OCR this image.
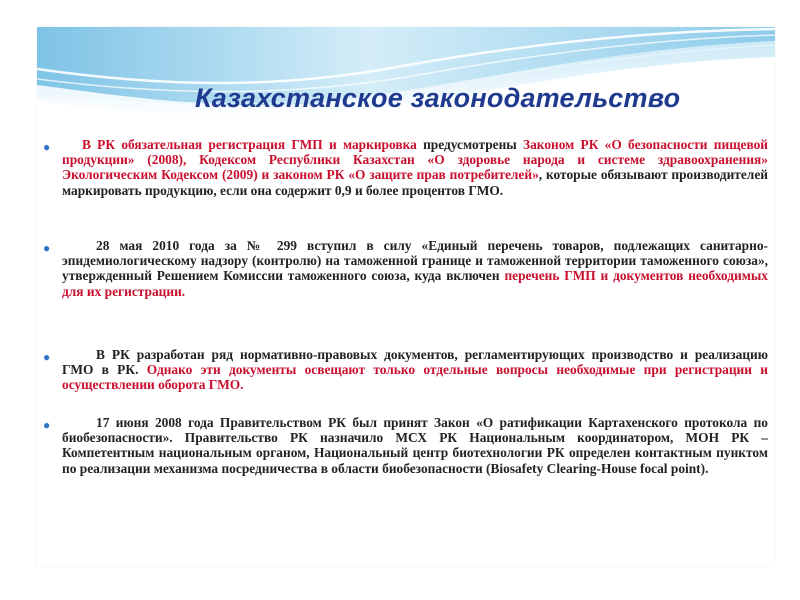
Казахстанское законодательство
●	В РК обязательная регистрация ГМП и маркировка предусмотрены Законом РК «О безопасности пищевой продукции» (2008), Кодексом Республики Казахстан «О здоровье народа и системе здравоохранения» Экологическим Кодексом (2009) и законом РК «О защите прав потребителей», которые обязывают производителей маркировать продукцию, если она содержит 0,9 и более процентов ГМО.
●	28 мая 2010 года за № 299 вступил в силу «Единый перечень товаров, подлежащих санитарно-эпидемиологическому надзору (контролю) на таможенной границе и таможенной территории таможенного союза», утвержденный Решением Комиссии таможенного союза, куда включен перечень ГМП и документов необходимых для их регистрации.
●	В РК разработан ряд нормативно-правовых документов, регламентирующих производство и реализацию ГМО в РК. Однако эти документы освещают только отдельные вопросы необходимые при регистрации и осуществлении оборота ГМО.
●	17 июня 2008 года Правительством РК был принят Закон «О ратификации Картахенского протокола по биобезопасности». Правительство РК назначило МСХ РК Национальным координатором, МОН РК – Компетентным национальным органом, Национальный центр биотехнологии РК определен контактным пунктом по реализации механизма посредничества в области биобезопасности (Biosafety Clearing-House focal point).
